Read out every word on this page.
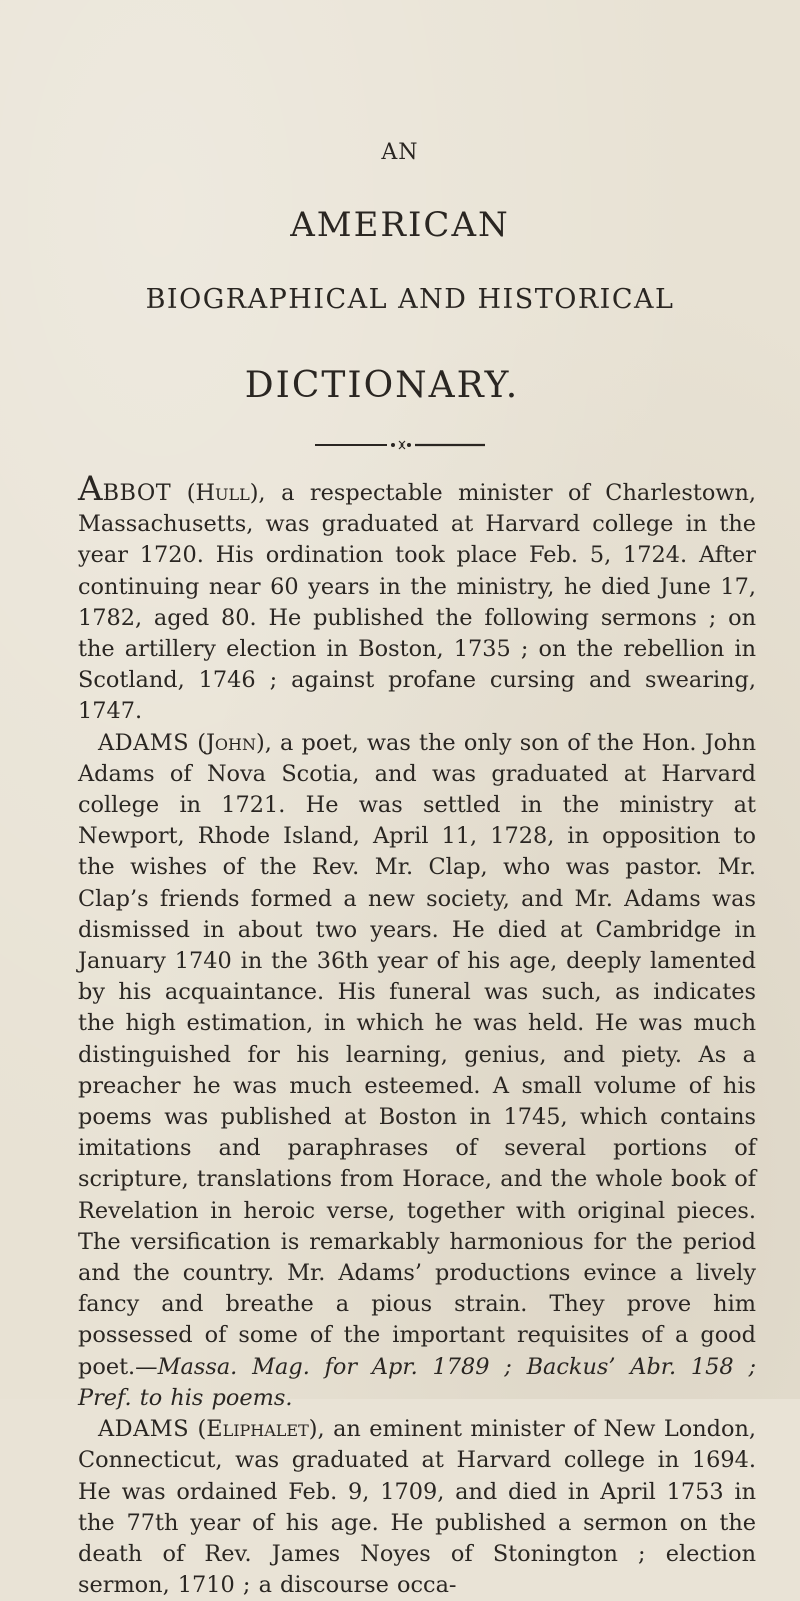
AN
AMERICAN
BIOGRAPHICAL AND HISTORICAL
DICTIONARY.

ABBOT (Hull), a respectable minister of Charlestown, Massachusetts, was graduated at Harvard college in the year 1720. His ordination took place Feb. 5, 1724. After continuing near 60 years in the ministry, he died June 17, 1782, aged 80. He published the following sermons ; on the artillery election in Boston, 1735 ; on the rebellion in Scotland, 1746 ; against profane cursing and swearing, 1747.

ADAMS (John), a poet, was the only son of the Hon. John Adams of Nova Scotia, and was graduated at Harvard college in 1721. He was settled in the ministry at Newport, Rhode Island, April 11, 1728, in opposition to the wishes of the Rev. Mr. Clap, who was pastor. Mr. Clap’s friends formed a new society, and Mr. Adams was dismissed in about two years. He died at Cambridge in January 1740 in the 36th year of his age, deeply lamented by his acquaintance. His funeral was such, as indicates the high estimation, in which he was held. He was much distinguished for his learning, genius, and piety. As a preacher he was much esteemed. A small volume of his poems was published at Boston in 1745, which contains imitations and paraphrases of several portions of scripture, translations from Horace, and the whole book of Revelation in heroic verse, together with original pieces. The versification is remarkably harmonious for the period and the country. Mr. Adams’ productions evince a lively fancy and breathe a pious strain. They prove him possessed of some of the important requisites of a good poet.—Massa. Mag. for Apr. 1789 ; Backus’ Abr. 158 ; Pref. to his poems.

ADAMS (Eliphalet), an eminent minister of New London, Connecticut, was graduated at Harvard college in 1694. He was ordained Feb. 9, 1709, and died in April 1753 in the 77th year of his age. He published a sermon on the death of Rev. James Noyes of Stonington ; election sermon, 1710 ; a discourse occa-
